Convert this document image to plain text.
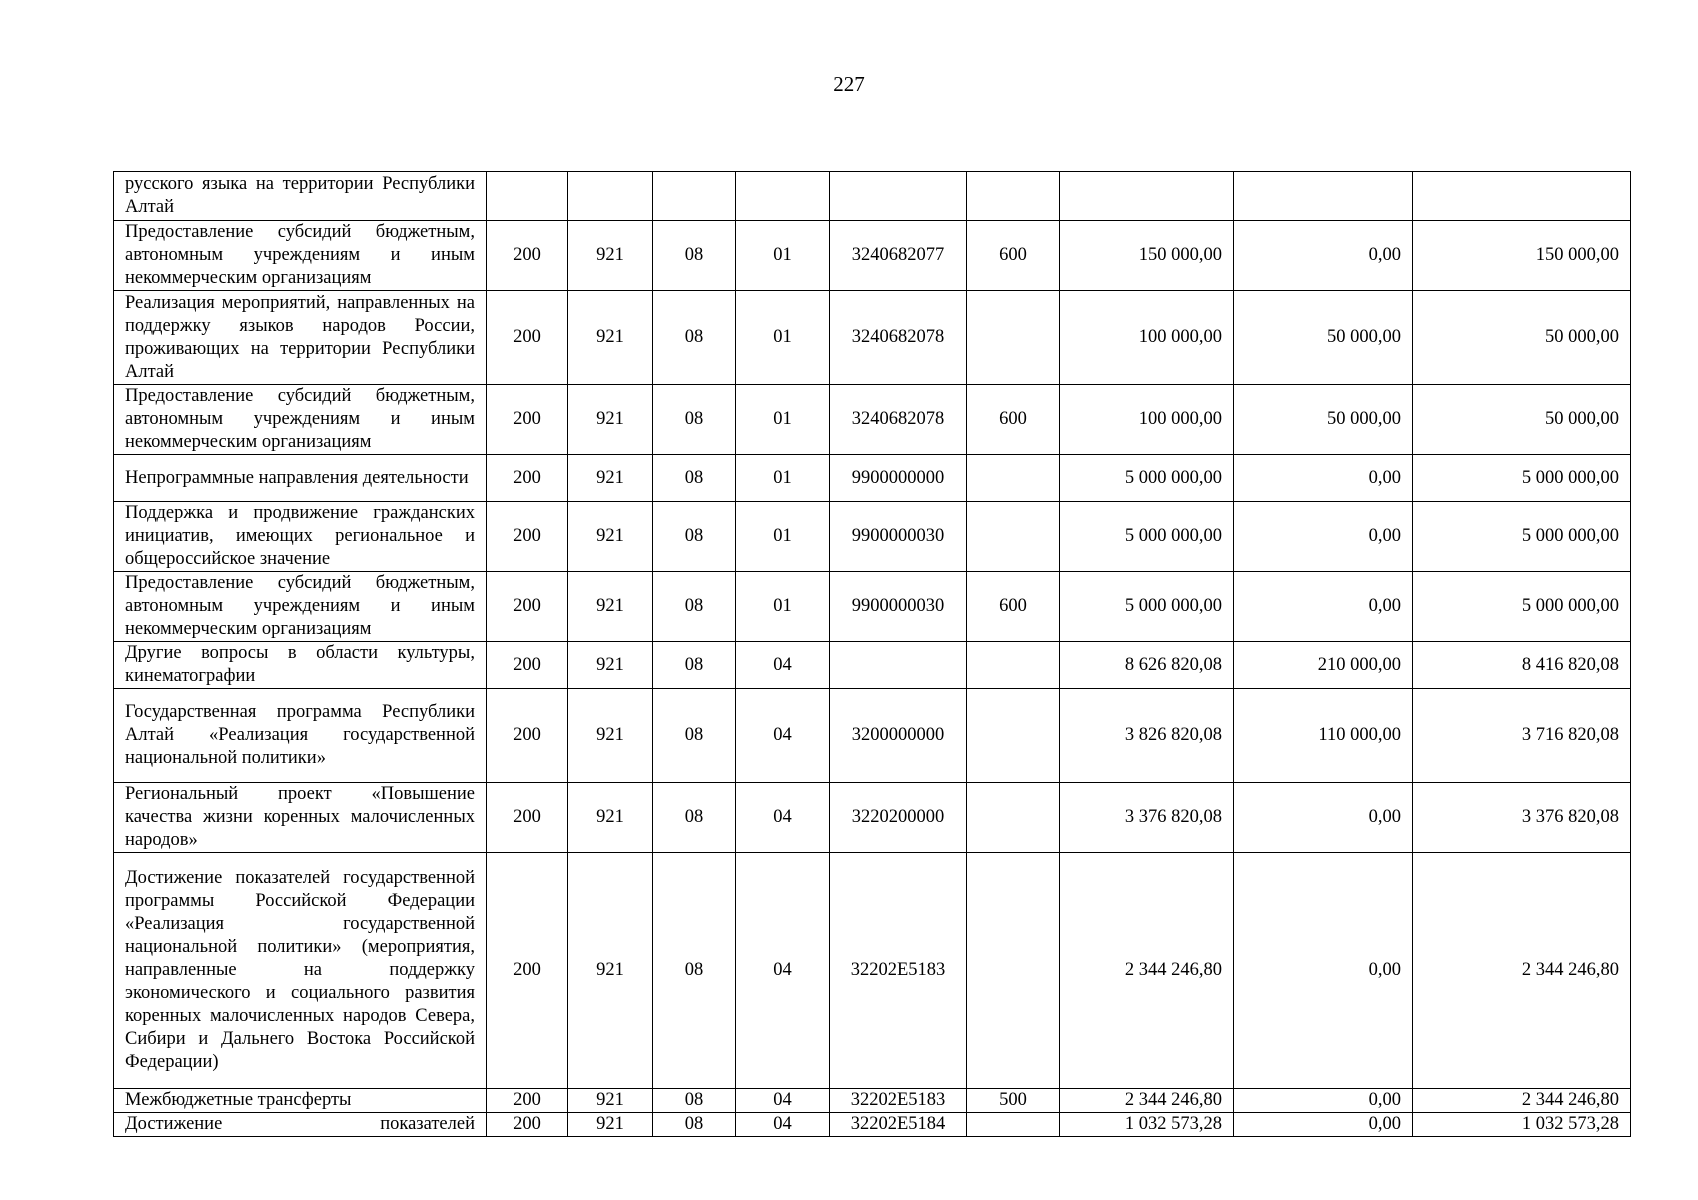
227
русского языка на территории Республики Алтай									
Предоставление субсидий бюджетным, автономным учреждениям и иным некоммерческим организациям	200	921	08	01	3240682077	600	150 000,00	0,00	150 000,00
Реализация мероприятий, направленных на поддержку языков народов России, проживающих на территории Республики Алтай	200	921	08	01	3240682078		100 000,00	50 000,00	50 000,00
Предоставление субсидий бюджетным, автономным учреждениям и иным некоммерческим организациям	200	921	08	01	3240682078	600	100 000,00	50 000,00	50 000,00
Непрограммные направления деятельности	200	921	08	01	9900000000		5 000 000,00	0,00	5 000 000,00
Поддержка и продвижение гражданских инициатив, имеющих региональное и общероссийское значение	200	921	08	01	9900000030		5 000 000,00	0,00	5 000 000,00
Предоставление субсидий бюджетным, автономным учреждениям и иным некоммерческим организациям	200	921	08	01	9900000030	600	5 000 000,00	0,00	5 000 000,00
Другие вопросы в области культуры, кинематографии	200	921	08	04			8 626 820,08	210 000,00	8 416 820,08
Государственная программа Республики Алтай «Реализация государственной национальной политики»	200	921	08	04	3200000000		3 826 820,08	110 000,00	3 716 820,08
Региональный проект «Повышение качества жизни коренных малочисленных народов»	200	921	08	04	3220200000		3 376 820,08	0,00	3 376 820,08
Достижение показателей государственной программы Российской Федерации «Реализация государственной национальной политики» (мероприятия, направленные на поддержку экономического и социального развития коренных малочисленных народов Севера, Сибири и Дальнего Востока Российской Федерации)	200	921	08	04	32202E5183		2 344 246,80	0,00	2 344 246,80
Межбюджетные трансферты	200	921	08	04	32202E5183	500	2 344 246,80	0,00	2 344 246,80
Достижение показателей	200	921	08	04	32202E5184		1 032 573,28	0,00	1 032 573,28
